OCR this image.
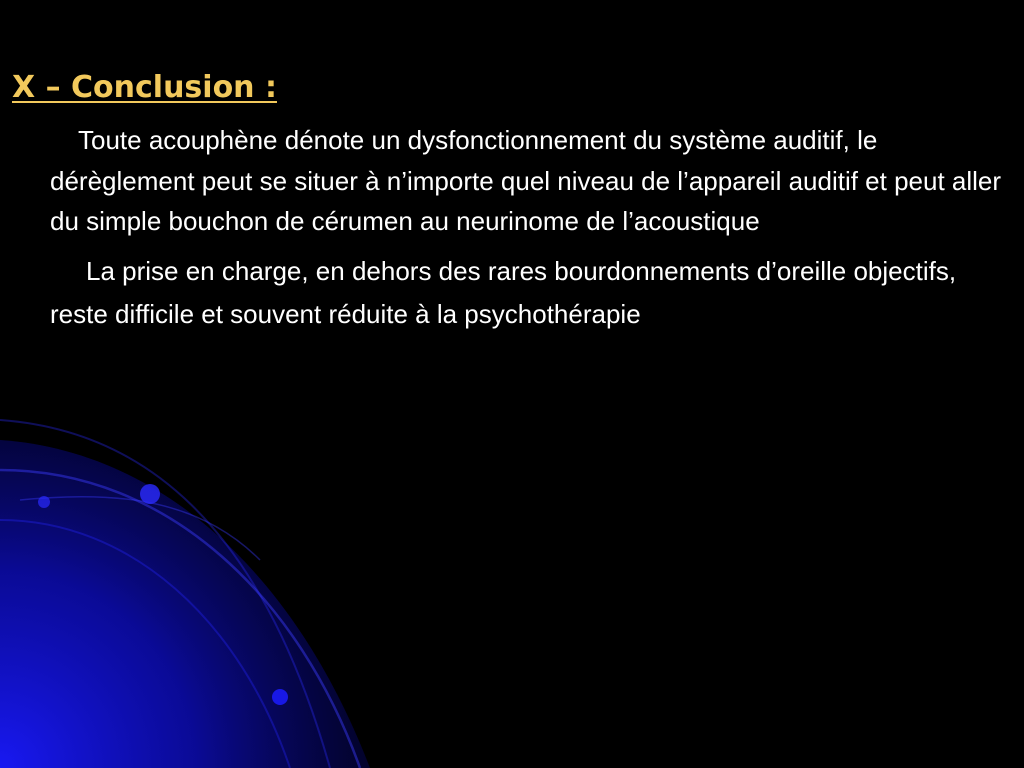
X – Conclusion :

Toute acouphène dénote un dysfonctionnement du système auditif, le dérèglement peut se situer à n’importe quel niveau de l’appareil auditif et peut aller du simple bouchon de cérumen au neurinome de l’acoustique

La prise en charge, en dehors des rares bourdonnements d’oreille objectifs, reste difficile et souvent réduite à la psychothérapie
